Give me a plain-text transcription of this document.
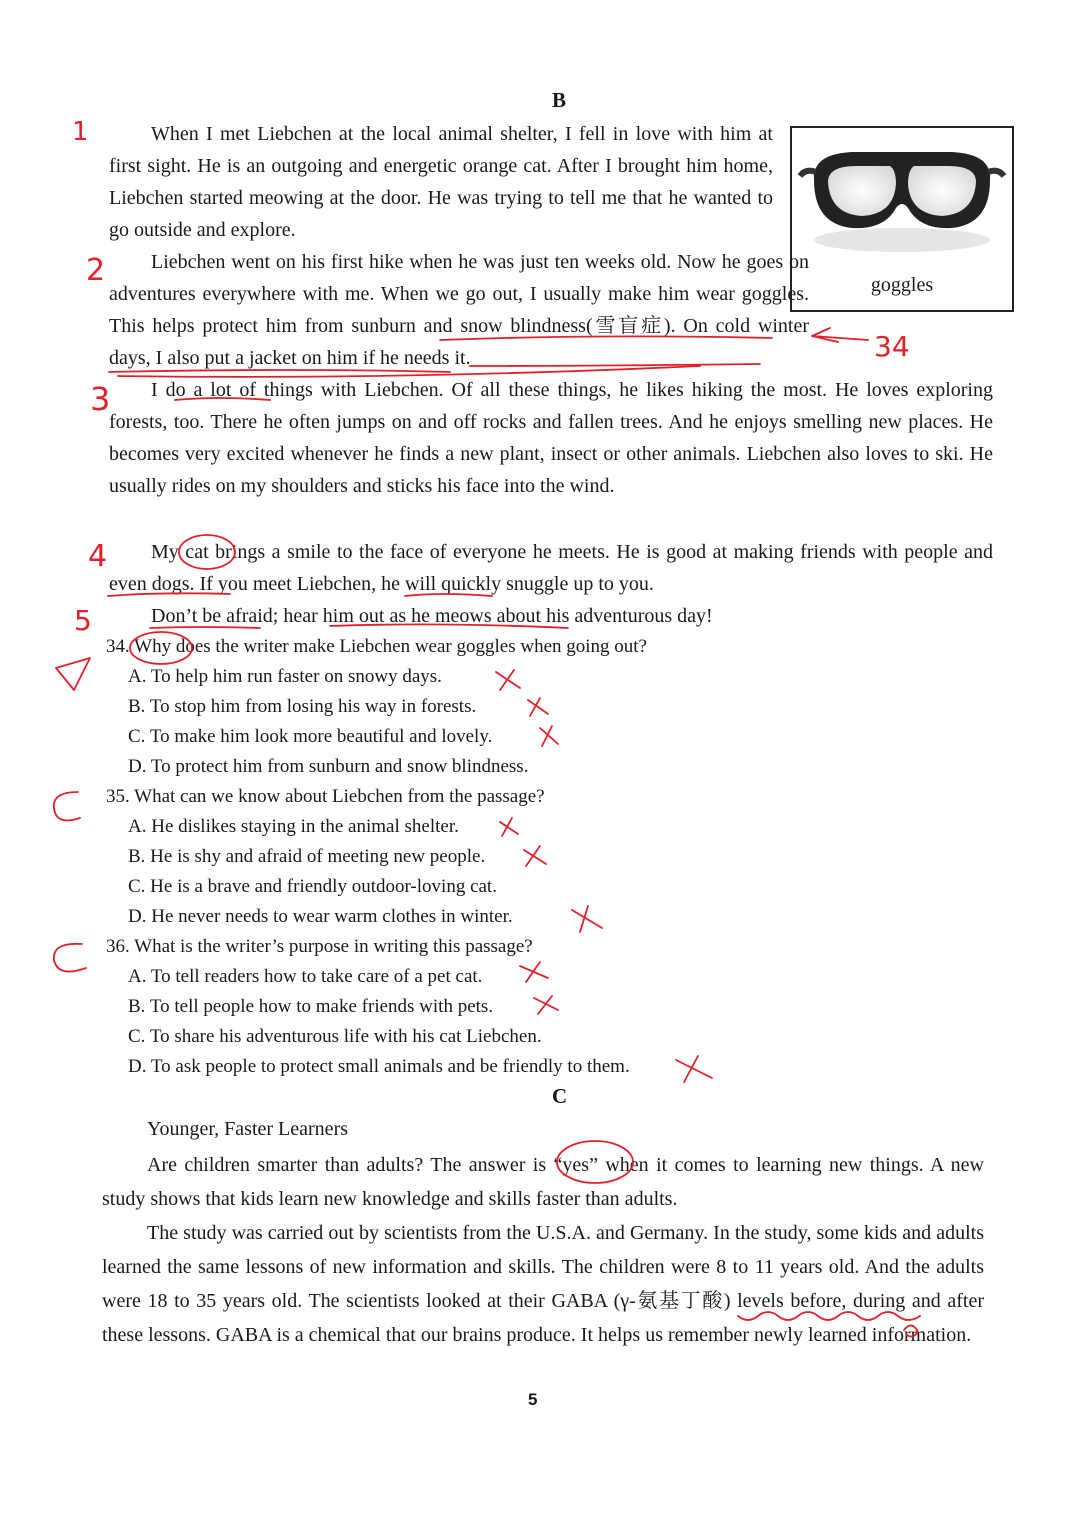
B
goggles

When I met Liebchen at the local animal shelter, I fell in love with him at first sight. He is an outgoing and energetic orange cat. After I brought him home, Liebchen started meowing at the door. He was trying to tell me that he wanted to go outside and explore.

Liebchen went on his first hike when he was just ten weeks old. Now he goes on adventures everywhere with me. When we go out, I usually make him wear goggles. This helps protect him from sunburn and snow blindness(雪盲症). On cold winter days, I also put a jacket on him if he needs it.

I do a lot of things with Liebchen. Of all these things, he likes hiking the most. He loves exploring forests, too. There he often jumps on and off rocks and fallen trees. And he enjoys smelling new places. He becomes very excited whenever he finds a new plant, insect or other animals. Liebchen also loves to ski. He usually rides on my shoulders and sticks his face into the wind.

My cat brings a smile to the face of everyone he meets. He is good at making friends with people and even dogs. If you meet Liebchen, he will quickly snuggle up to you.

Don’t be afraid; hear him out as he meows about his adventurous day!

34. Why does the writer make Liebchen wear goggles when going out?

A. To help him run faster on snowy days.

B. To stop him from losing his way in forests.

C. To make him look more beautiful and lovely.

D. To protect him from sunburn and snow blindness.

35. What can we know about Liebchen from the passage?

A. He dislikes staying in the animal shelter.

B. He is shy and afraid of meeting new people.

C. He is a brave and friendly outdoor-loving cat.

D. He never needs to wear warm clothes in winter.

36. What is the writer’s purpose in writing this passage?

A. To tell readers how to take care of a pet cat.

B. To tell people how to make friends with pets.

C. To share his adventurous life with his cat Liebchen.

D. To ask people to protect small animals and be friendly to them.

C
Younger, Faster Learners

Are children smarter than adults? The answer is “yes” when it comes to learning new things. A new study shows that kids learn new knowledge and skills faster than adults.

The study was carried out by scientists from the U.S.A. and Germany. In the study, some kids and adults learned the same lessons of new information and skills. The children were 8 to 11 years old. And the adults were 18 to 35 years old. The scientists looked at their GABA (γ-氨基丁酸) levels before, during and after these lessons. GABA is a chemical that our brains produce. It helps us remember newly learned information.

5
1
2
3
4
5
34
